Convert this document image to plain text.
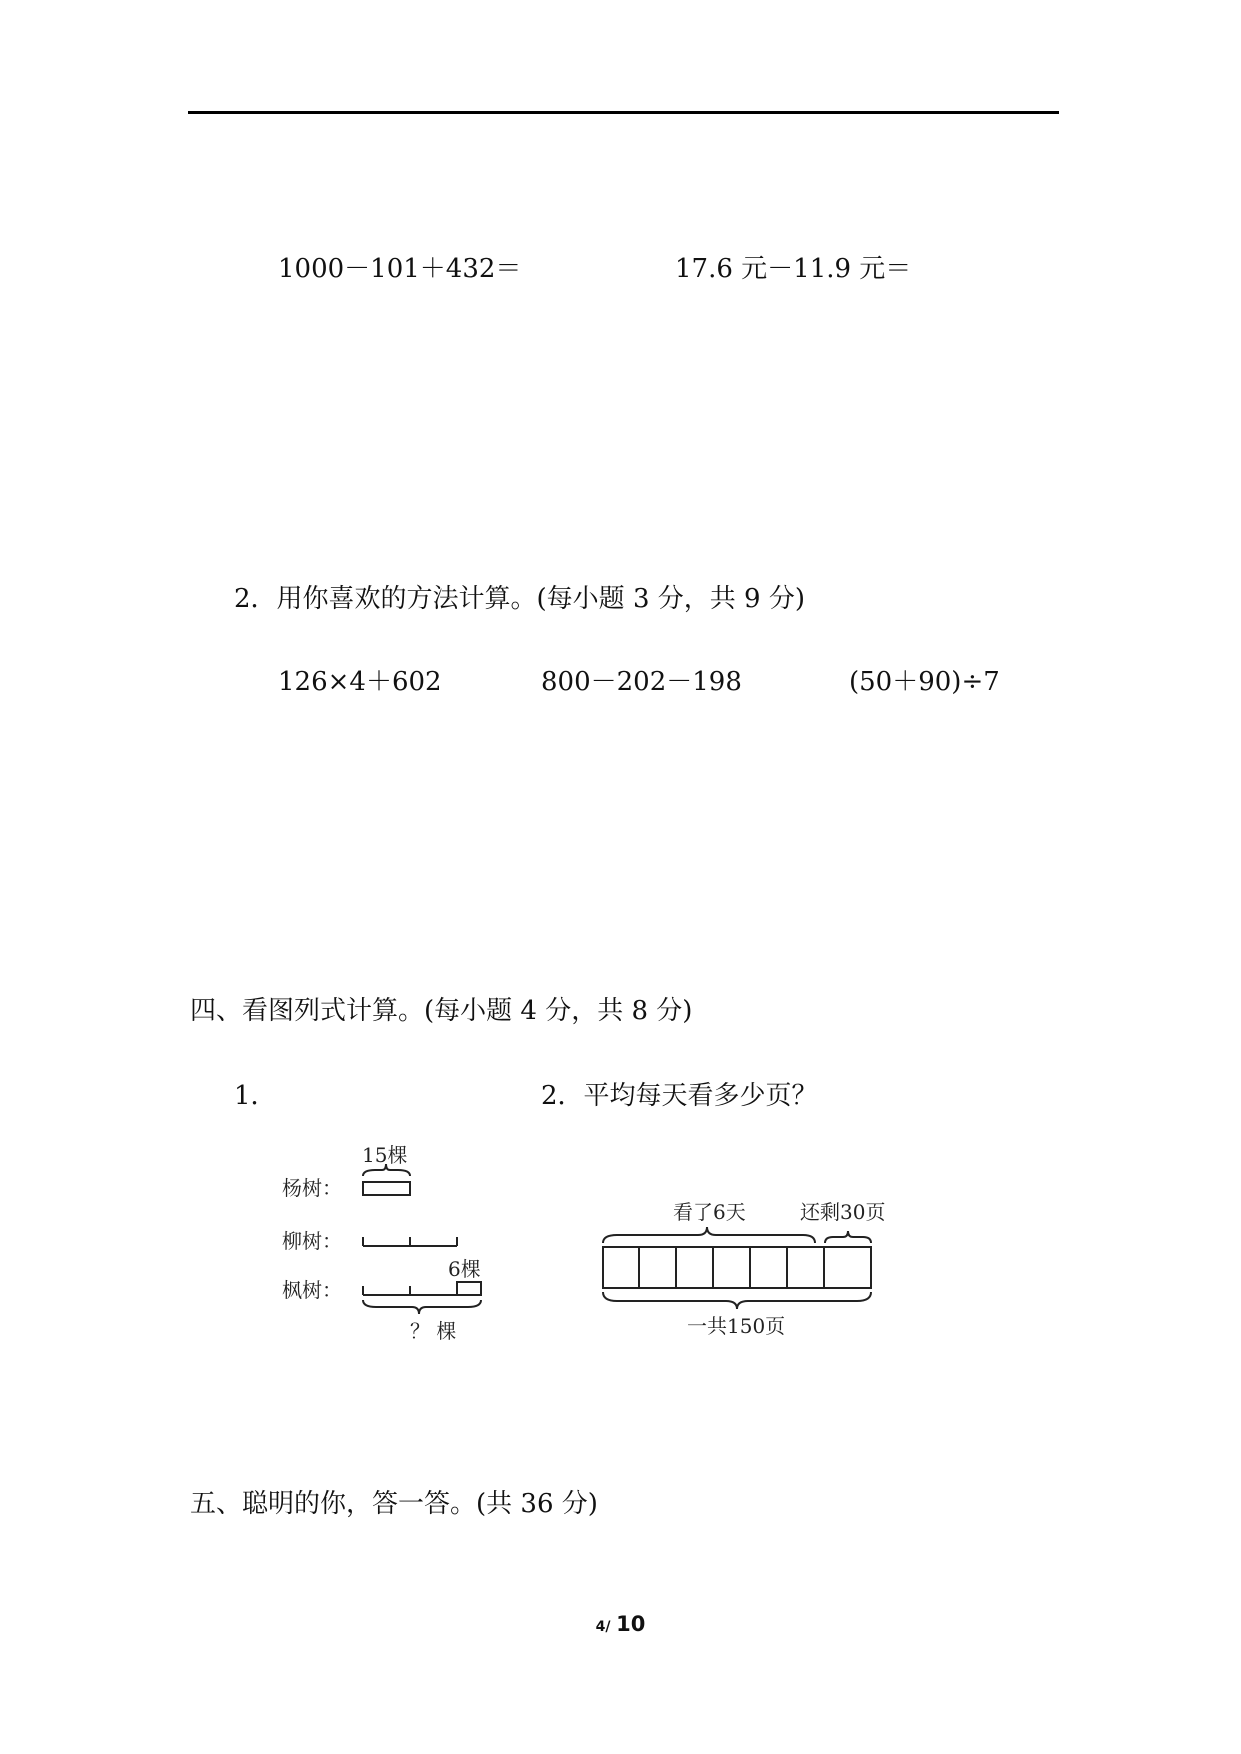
1000－101＋432＝	17.6 元－11.9 元＝
2．用你喜欢的方法计算。(每小题 3 分，共 9 分)
126×4＋602	800－202－198	(50＋90)÷7
四、看图列式计算。(每小题 4 分，共 8 分)
1．	2．平均每天看多少页？
15棵
杨树：
柳树：
枫树：
6棵
？ 棵
看了6天	还剩30页
一共150页
五、聪明的你，答一答。(共 36 分)
4/ 10
